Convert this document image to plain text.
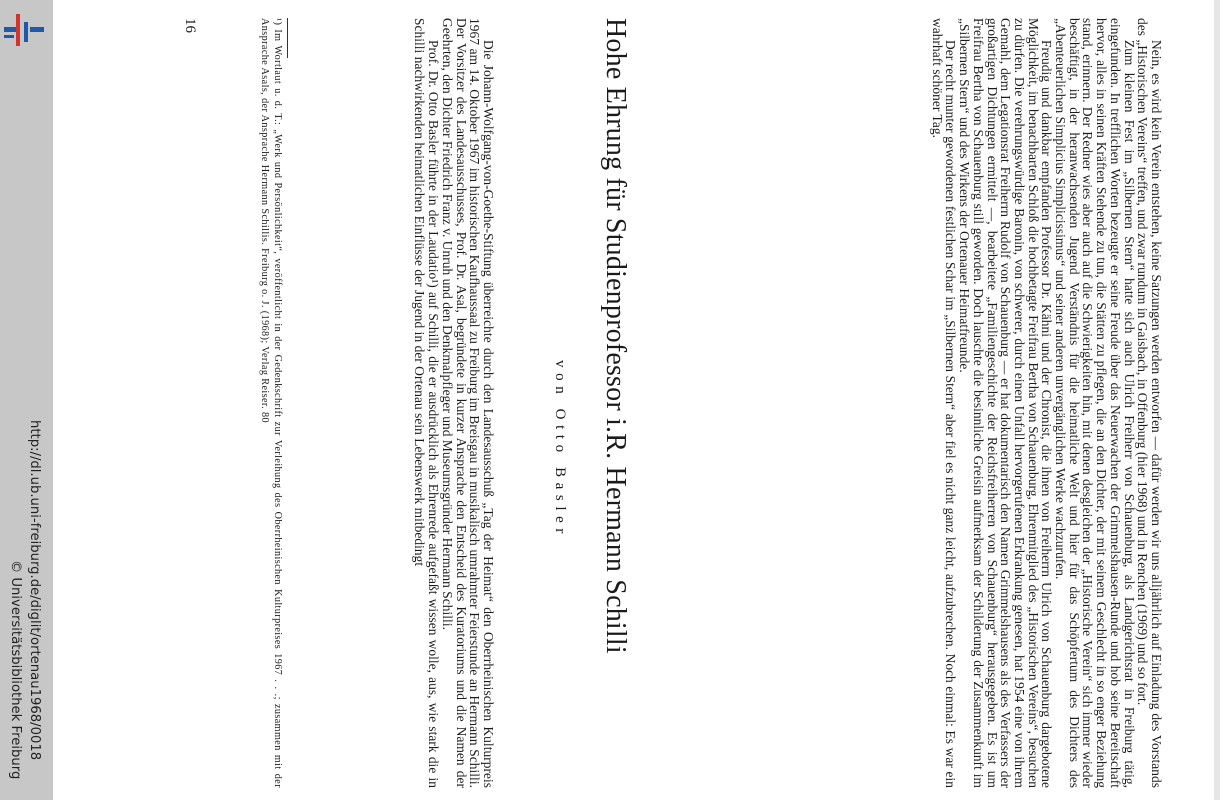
Nein, es wird kein Verein entstehen, keine Satzungen werden entworfen — dafür werden wir uns alljährlich auf Einladung des Vorstands des „Historischen Vereins“ treffen, und zwar rundum in Gaisbach, in Offenburg (hier 1968) und in Renchen (1969) und so fort.

Zum kleinen Fest im „Silbernen Stern“ hatte sich auch Ulrich Freiherr von Schauenburg, als Landgerichtsrat in Freiburg tätig, eingefunden. In trefflichen Worten bezeugte er seine Freude über das Neuerwachen der Grimmelshausen-Runde und hob seine Bereitschaft hervor, alles in seinen Kräften Stehende zu tun, die Stätten zu pflegen, die an den Dichter, der mit seinem Geschlecht in so enger Beziehung stand, erinnern. Der Redner wies aber auch auf die Schwierigkeiten hin, mit denen desgleichen der „Historische Verein“ sich immer wieder beschäftigt, in der heranwachsenden Jugend Verständnis für die heimatliche Welt und hier für das Schöpfertum des Dichters des „Abenteuerlichen Simplicius Simplicissimus“ und seiner anderen unvergänglichen Werke wachzurufen.

Freudig und dankbar empfanden Professor Dr. Kähni und der Chronist, die ihnen von Freiherrn Ulrich von Schauenburg dargebotene Möglichkeit, im benachbarten Schloß die hochbetagte Freifrau Bertha von Schauenburg, Ehrenmitglied des „Historischen Vereins“, besuchen zu dürfen. Die verehrungswürdige Baronin, von schwerer, durch einen Unfall hervorgerufenen Erkrankung genesen, hat 1954 eine von ihrem Gemahl, dem Legationsrat Freiherrn Rudolf von Schauenburg — er hat dokumentarisch den Namen Grimmelshausens als des Verfassers der großartigen Dichtungen ermittelt —, bearbeitete „Familiengeschichte der Reichsfreiherren von Schauenburg“ herausgegeben. Es ist um Freifrau Bertha von Schauenburg still geworden. Doch lauschte die besinnliche Greisin aufmerksam der Schilderung der Zusammenkunft im „Silbernen Stern“ und des Wirkens der Ortenauer Heimatfreunde.

Der recht munter gewordenen festlichen Schar im „Silbernen Stern“ aber fiel es nicht ganz leicht, aufzubrechen. Noch einmal: Es war ein wahrhaft schöner Tag.

Hohe Ehrung für Studienprofessor i.R. Hermann Schilli
von Otto Basler

Die Johann-Wolfgang-von-Goethe-Stiftung überreichte durch den Landesausschuß „Tag der Heimat“ den Oberrheinischen Kulturpreis 1967 am 14. Oktober 1967 im historischen Kaufhaussaal zu Freiburg im Breisgau in musikalisch umrahmter Feierstunde an Hermann Schilli. Der Vorsitzer des Landesausschusses, Prof. Dr. Asal, begründete in kurzer Ansprache den Entscheid des Kuratoriums und die Namen der Geehrten, den Dichter Friedrich Franz v. Unruh und den Denkmalpfleger und Museumsgründer Hermann Schilli.

Prof. Dr. Otto Basler führte in der Laudatio¹) auf Schilli, die er ausdrücklich als Ehrenrede aufgefaßt wissen wolle, aus, wie stark die in Schilli nachwirkenden heimatlichen Einflüsse der Jugend in der Ortenau sein Lebenswerk mitbedingt

¹) Im Wortlaut u. d. T.: „Werk und Persönlichkeit“, veröffentlicht in der Gedenkschrift zur Verleihung des Oberrheinischen Kulturpreises 1967 . . .; zusammen mit der Ansprache Asals, der Ansprache Hermann Schillis. Freiburg o. J. (1968); Verlag Reiser. 80
16
http://dl.ub.uni-freiburg.de/diglit/ortenau1968/0018
© Universitätsbibliothek Freiburg
